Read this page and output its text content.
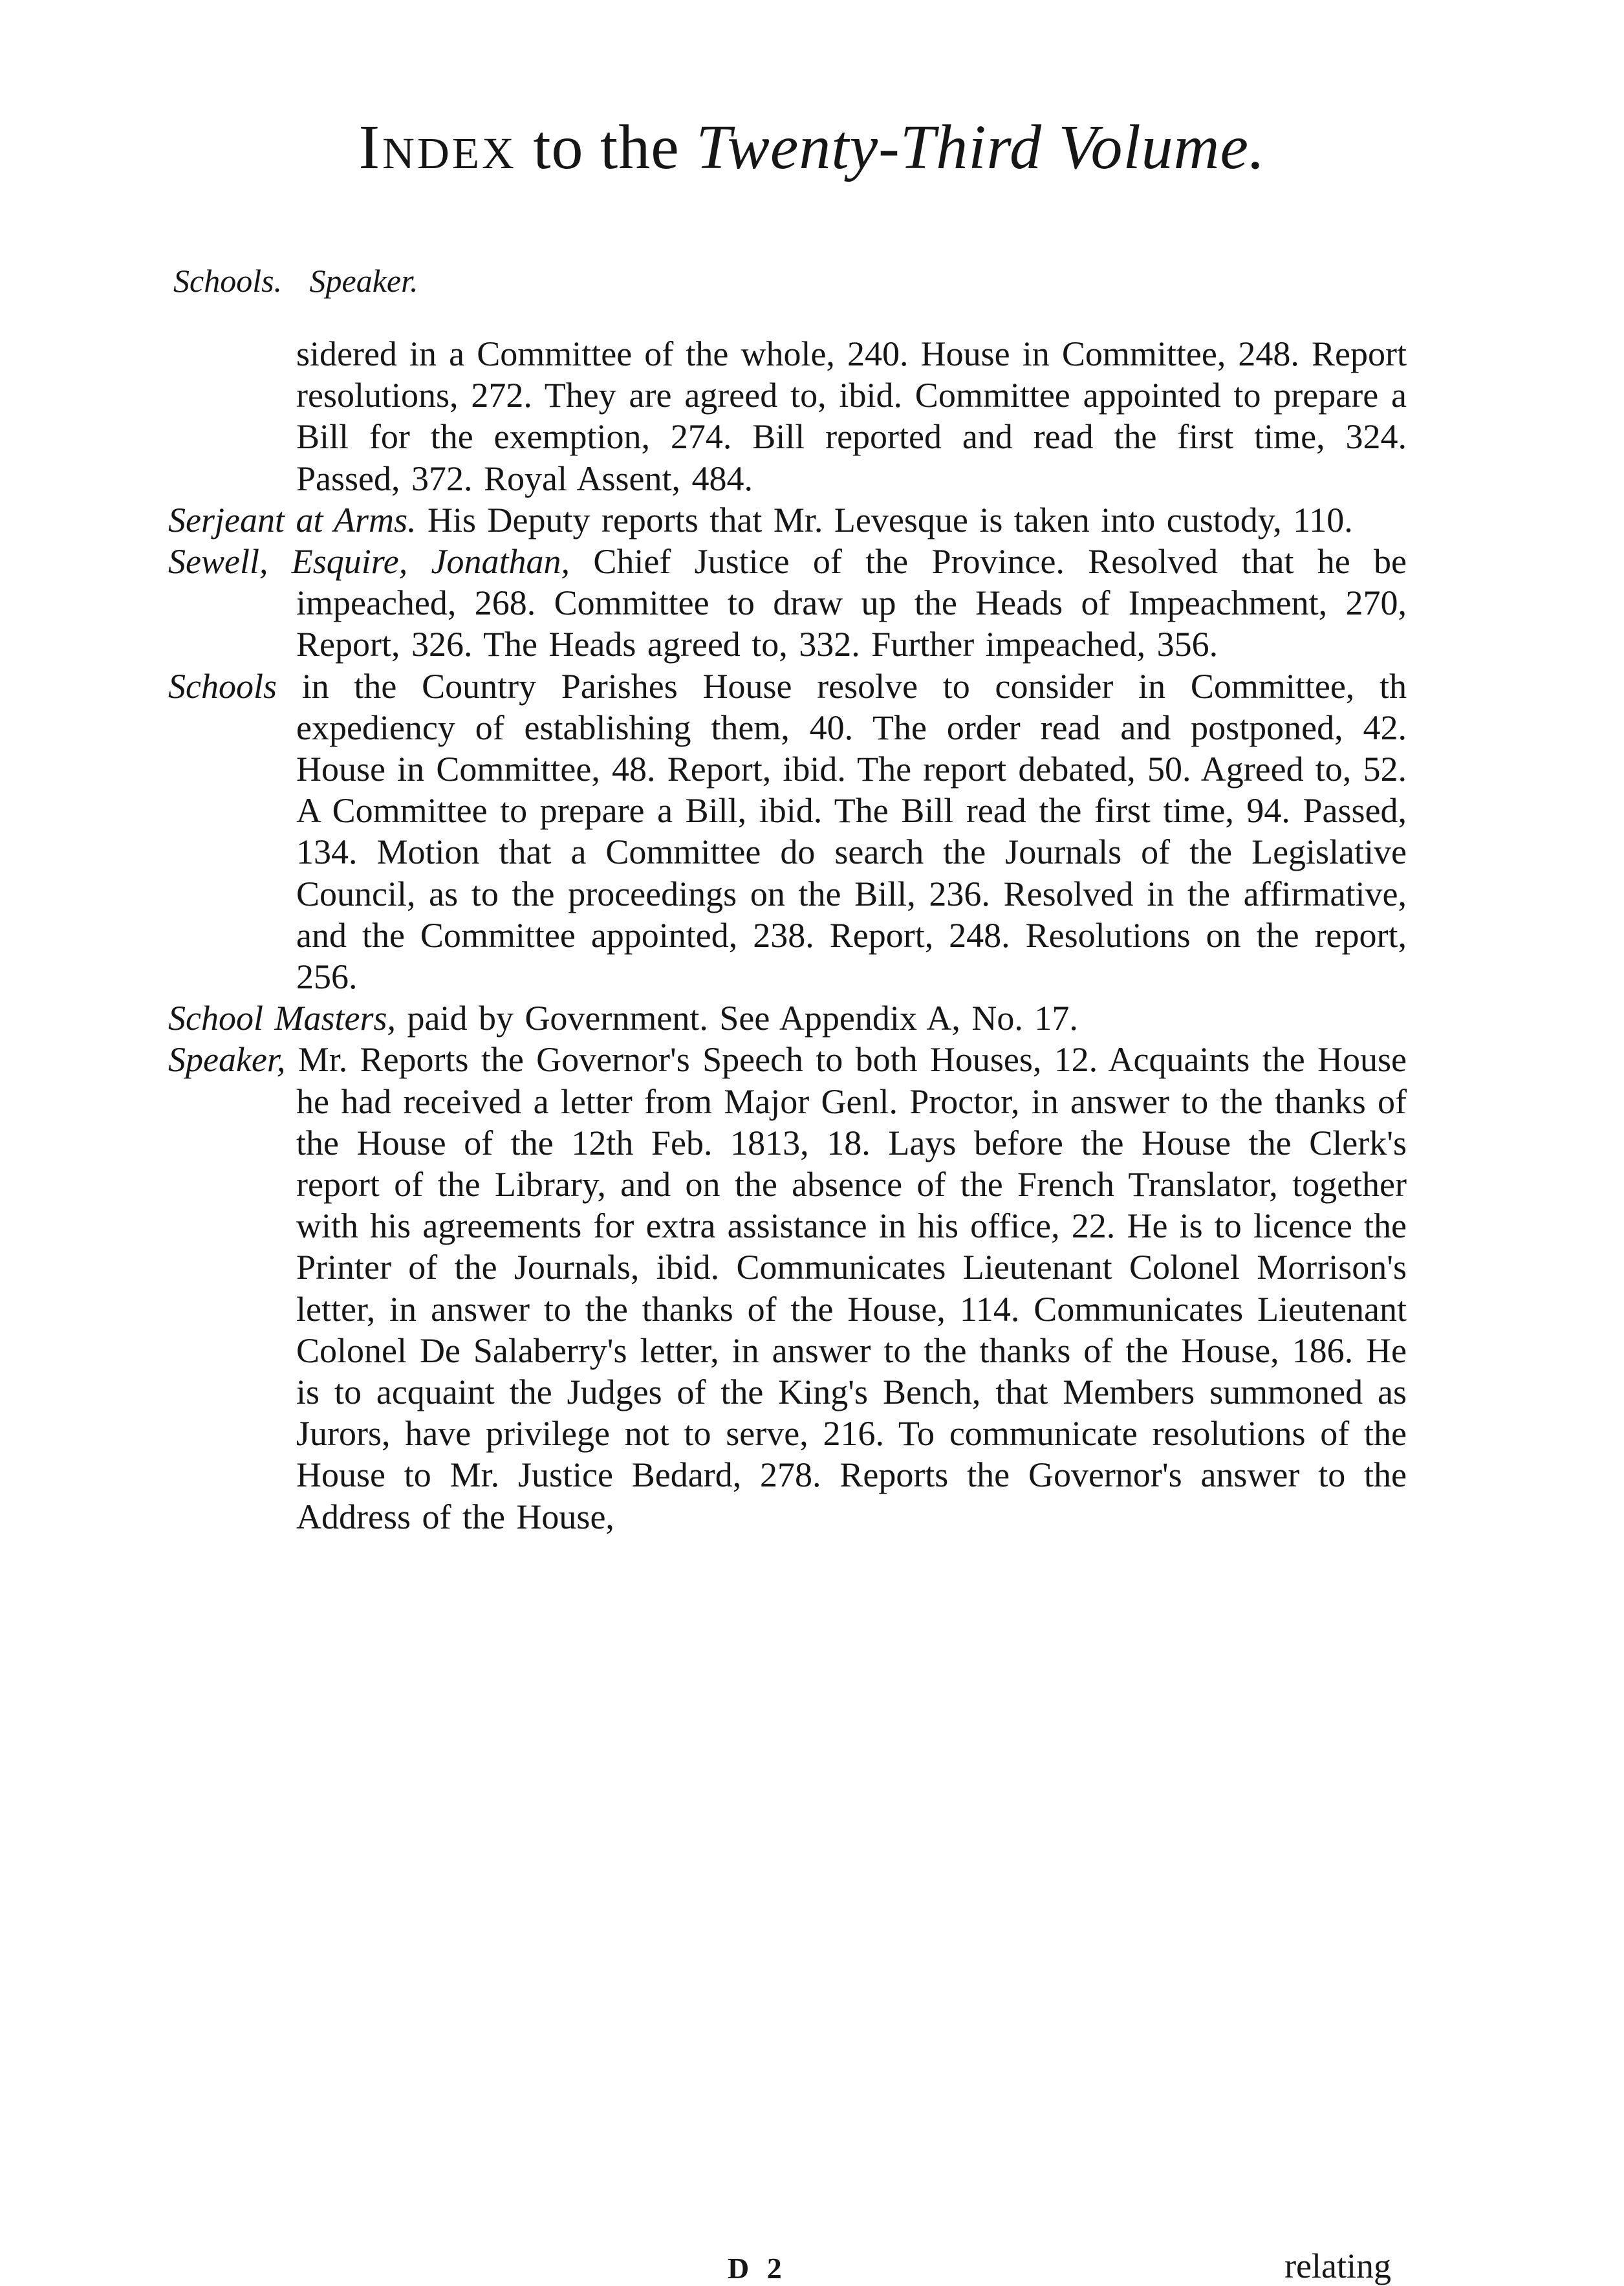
Index to the Twenty-Third Volume.
Schools. Speaker.

sidered in a Committee of the whole, 240. House in Committee, 248. Report resolutions, 272. They are agreed to, ibid. Committee appointed to prepare a Bill for the exemption, 274. Bill reported and read the first time, 324. Passed, 372. Royal Assent, 484.

Serjeant at Arms. His Deputy reports that Mr. Levesque is taken into custody, 110.

Sewell, Esquire, Jonathan, Chief Justice of the Province. Resolved that he be impeached, 268. Committee to draw up the Heads of Impeachment, 270, Report, 326. The Heads agreed to, 332. Further impeached, 356.

Schools in the Country Parishes House resolve to consider in Committee, th expediency of establishing them, 40. The order read and postponed, 42. House in Committee, 48. Report, ibid. The report debated, 50. Agreed to, 52. A Committee to prepare a Bill, ibid. The Bill read the first time, 94. Passed, 134. Motion that a Committee do search the Journals of the Legislative Council, as to the proceedings on the Bill, 236. Resolved in the affirmative, and the Committee appointed, 238. Report, 248. Resolutions on the report, 256.

School Masters, paid by Government. See Appendix A, No. 17.

Speaker, Mr. Reports the Governor's Speech to both Houses, 12. Acquaints the House he had received a letter from Major Genl. Proctor, in answer to the thanks of the House of the 12th Feb. 1813, 18. Lays before the House the Clerk's report of the Library, and on the absence of the French Translator, together with his agreements for extra assistance in his office, 22. He is to licence the Printer of the Journals, ibid. Communicates Lieutenant Colonel Morrison's letter, in answer to the thanks of the House, 114. Communicates Lieutenant Colonel De Salaberry's letter, in answer to the thanks of the House, 186. He is to acquaint the Judges of the King's Bench, that Members summoned as Jurors, have privilege not to serve, 216. To communicate resolutions of the House to Mr. Justice Bedard, 278. Reports the Governor's answer to the Address of the House,

D 2	relating
